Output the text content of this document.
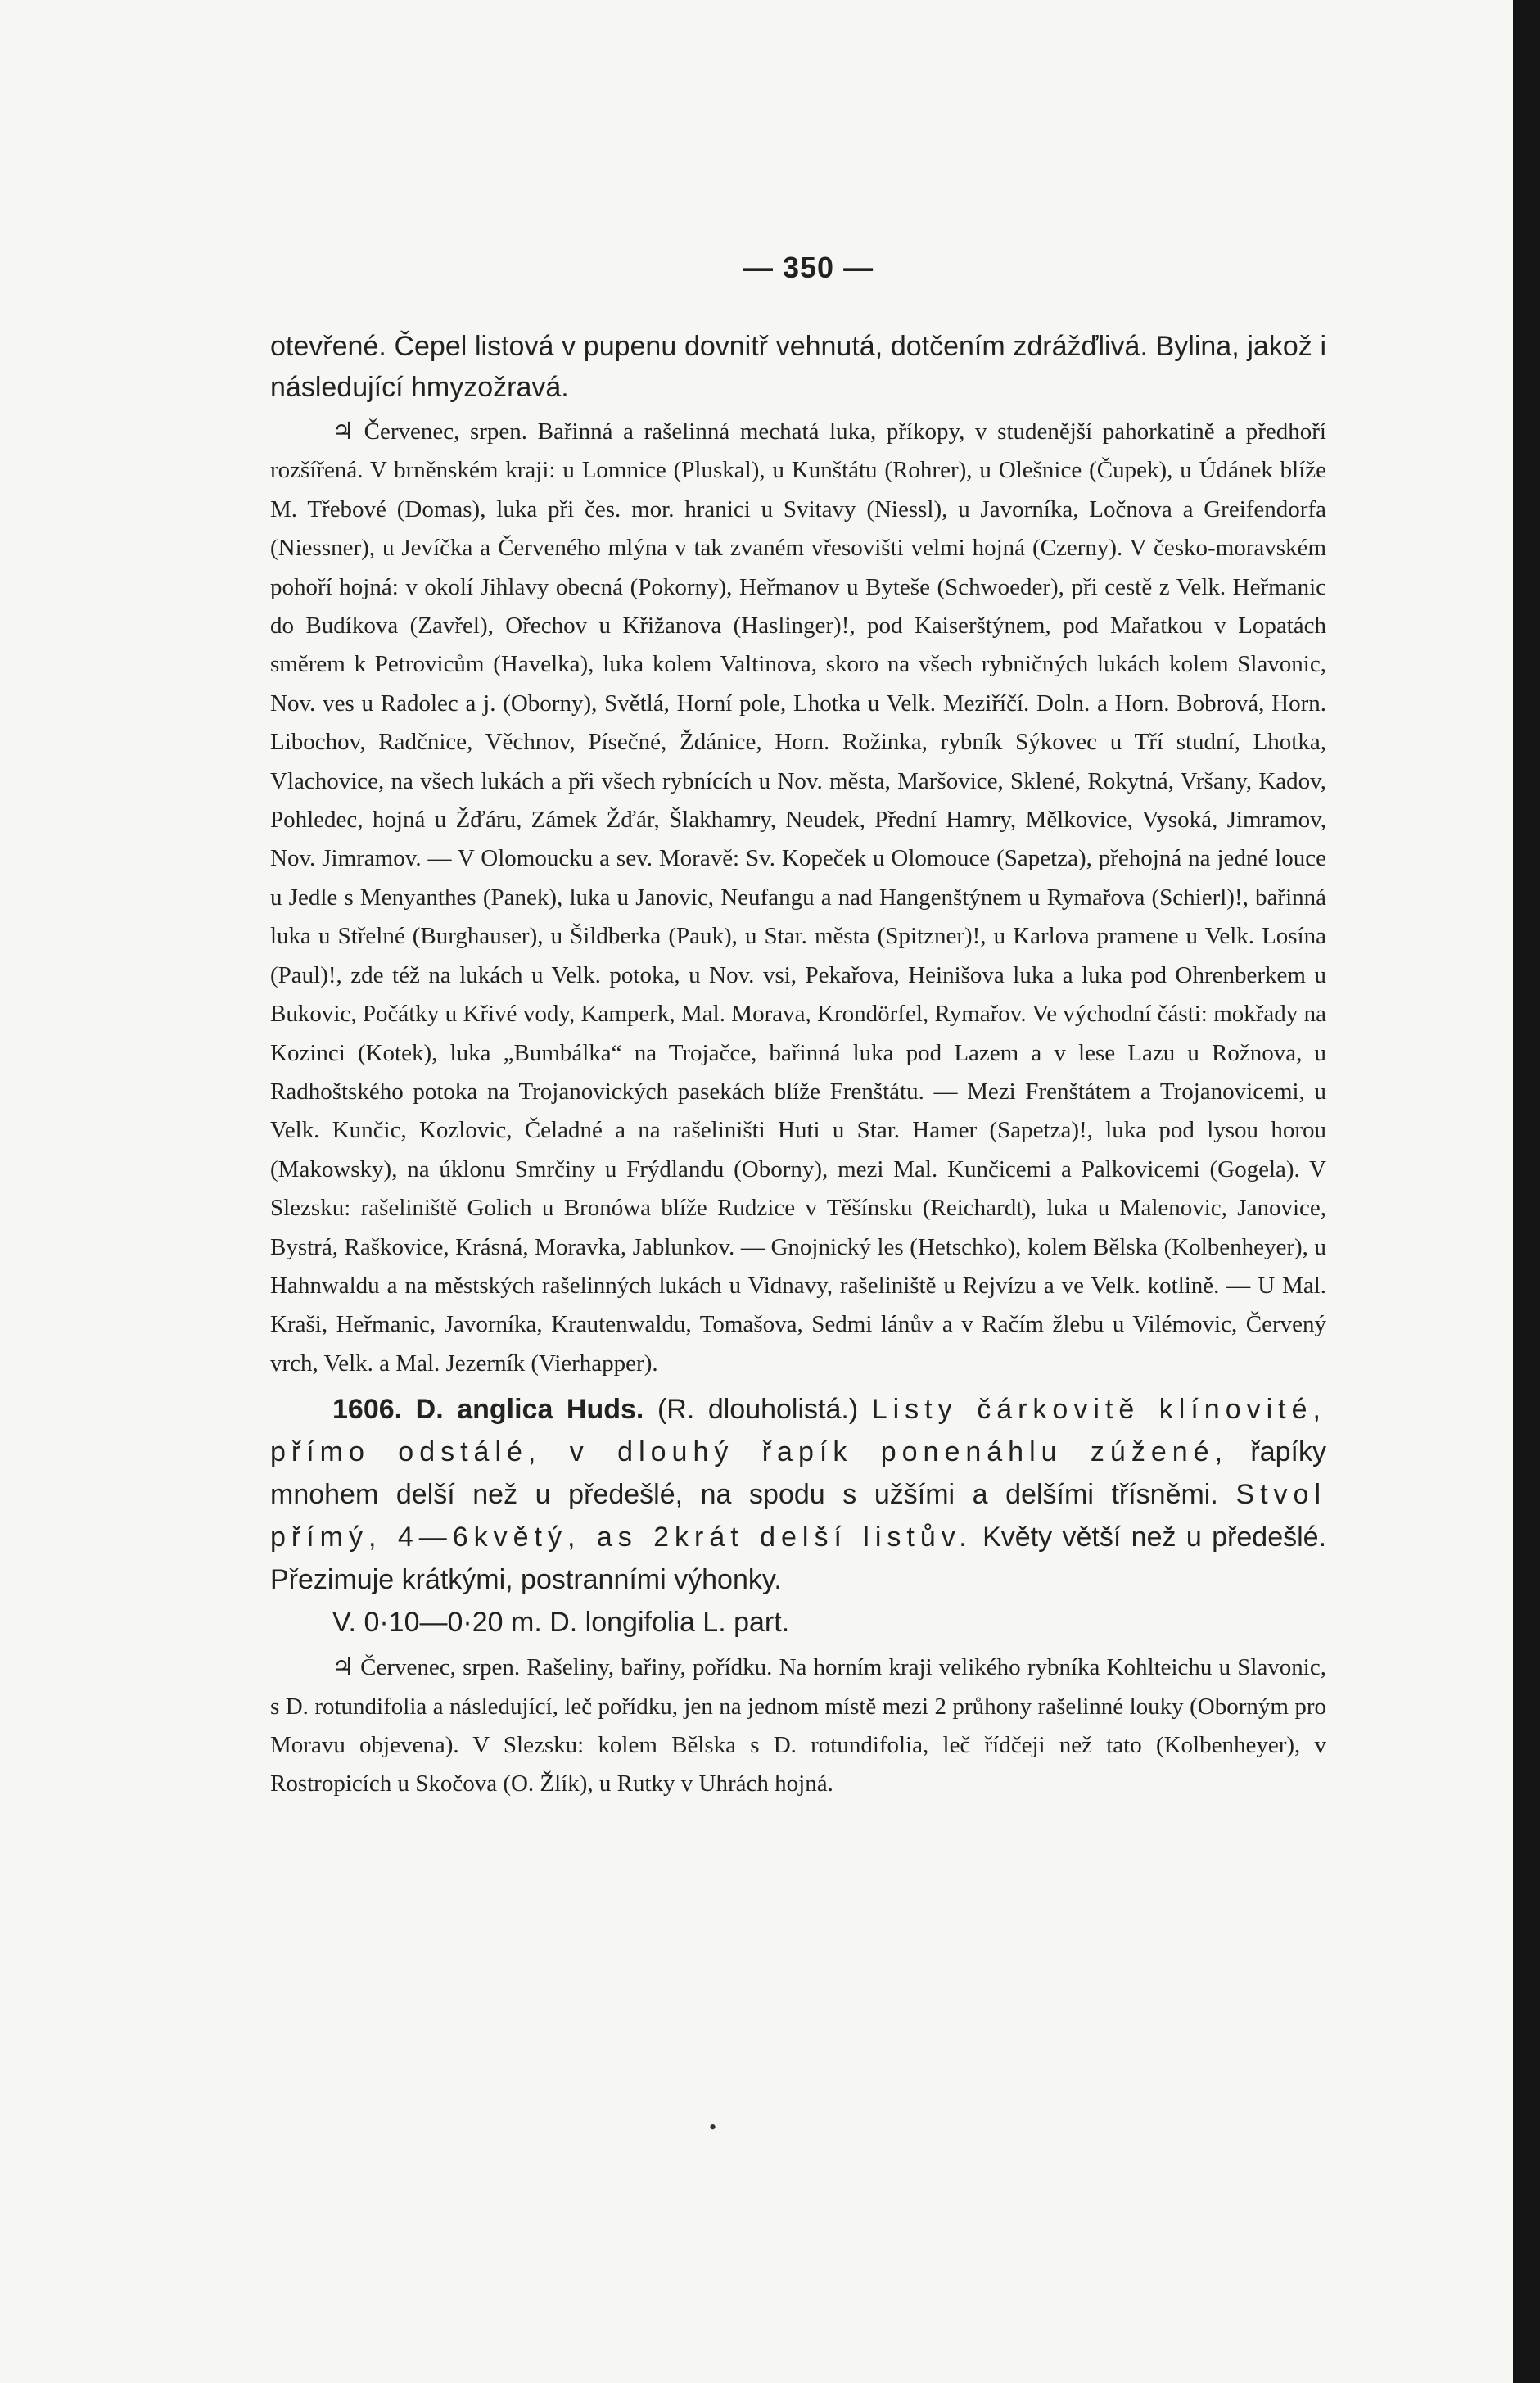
— 350 —

otevřené. Čepel listová v pupenu dovnitř vehnutá, dotčením zdrážďlivá. Bylina, jakož i následující hmyzožravá.

♃ Červenec, srpen. Bařinná a rašelinná mechatá luka, příkopy, v studenější pahorkatině a předhoří rozšířená. V brněnském kraji: u Lomnice (Pluskal), u Kunštátu (Rohrer), u Olešnice (Čupek), u Údánek blíže M. Třebové (Domas), luka při čes. mor. hranici u Svitavy (Niessl), u Javorníka, Ločnova a Greifendorfa (Niessner), u Jevíčka a Červeného mlýna v tak zvaném vřesovišti velmi hojná (Czerny). V česko-moravském pohoří hojná: v okolí Jihlavy obecná (Pokorny), Heřmanov u Byteše (Schwoeder), při cestě z Velk. Heřmanic do Budíkova (Zavřel), Ořechov u Křižanova (Haslinger)!, pod Kaiserštýnem, pod Mařatkou v Lopatách směrem k Petrovicům (Havelka), luka kolem Valtinova, skoro na všech rybničných lukách kolem Slavonic, Nov. ves u Radolec a j. (Oborny), Světlá, Horní pole, Lhotka u Velk. Meziříčí. Doln. a Horn. Bobrová, Horn. Libochov, Radčnice, Věchnov, Písečné, Ždánice, Horn. Rožinka, rybník Sýkovec u Tří studní, Lhotka, Vlachovice, na všech lukách a při všech rybnících u Nov. města, Maršovice, Sklené, Rokytná, Vršany, Kadov, Pohledec, hojná u Žďáru, Zámek Žďár, Šlakhamry, Neudek, Přední Hamry, Mělkovice, Vysoká, Jimramov, Nov. Jimramov. — V Olomoucku a sev. Moravě: Sv. Kopeček u Olomouce (Sapetza), přehojná na jedné louce u Jedle s Menyanthes (Panek), luka u Janovic, Neufangu a nad Hangenštýnem u Rymařova (Schierl)!, bařinná luka u Střelné (Burghauser), u Šildberka (Pauk), u Star. města (Spitzner)!, u Karlova pramene u Velk. Losína (Paul)!, zde též na lukách u Velk. potoka, u Nov. vsi, Pekařova, Heinišova luka a luka pod Ohrenberkem u Bukovic, Počátky u Křivé vody, Kamperk, Mal. Morava, Krondörfel, Rymařov. Ve východní části: mokřady na Kozinci (Kotek), luka „Bumbálka“ na Trojačce, bařinná luka pod Lazem a v lese Lazu u Rožnova, u Radhoštského potoka na Trojanovických pasekách blíže Frenštátu. — Mezi Frenštátem a Trojanovicemi, u Velk. Kunčic, Kozlovic, Čeladné a na rašeliništi Huti u Star. Hamer (Sapetza)!, luka pod lysou horou (Makowsky), na úklonu Smrčiny u Frýdlandu (Oborny), mezi Mal. Kunčicemi a Palkovicemi (Gogela). V Slezsku: rašeliniště Golich u Bronówa blíže Rudzice v Těšínsku (Reichardt), luka u Malenovic, Janovice, Bystrá, Raškovice, Krásná, Moravka, Jablunkov. — Gnojnický les (Hetschko), kolem Bělska (Kolbenheyer), u Hahnwaldu a na městských rašelinných lukách u Vidnavy, rašeliniště u Rejvízu a ve Velk. kotlině. — U Mal. Kraši, Heřmanic, Javorníka, Krautenwaldu, Tomašova, Sedmi lánův a v Račím žlebu u Vilémovic, Červený vrch, Velk. a Mal. Jezerník (Vierhapper).

1606. D. anglica Huds. (R. dlouholistá.) Listy čárkovitě klínovité, přímo odstálé, v dlouhý řapík ponenáhlu zúžené, řapíky mnohem delší než u předešlé, na spodu s užšími a delšími třísněmi. Stvol přímý, 4—6květý, as 2krát delší listův. Květy větší než u předešlé. Přezimuje krátkými, postranními výhonky.

V. 0·10—0·20 m. D. longifolia L. part.

♃ Červenec, srpen. Rašeliny, bařiny, pořídku. Na horním kraji velikého rybníka Kohlteichu u Slavonic, s D. rotundifolia a následující, leč pořídku, jen na jednom místě mezi 2 průhony rašelinné louky (Oborným pro Moravu objevena). V Slezsku: kolem Bělska s D. rotundifolia, leč řídčeji než tato (Kolbenheyer), v Rostropicích u Skočova (O. Žlík), u Rutky v Uhrách hojná.

•
